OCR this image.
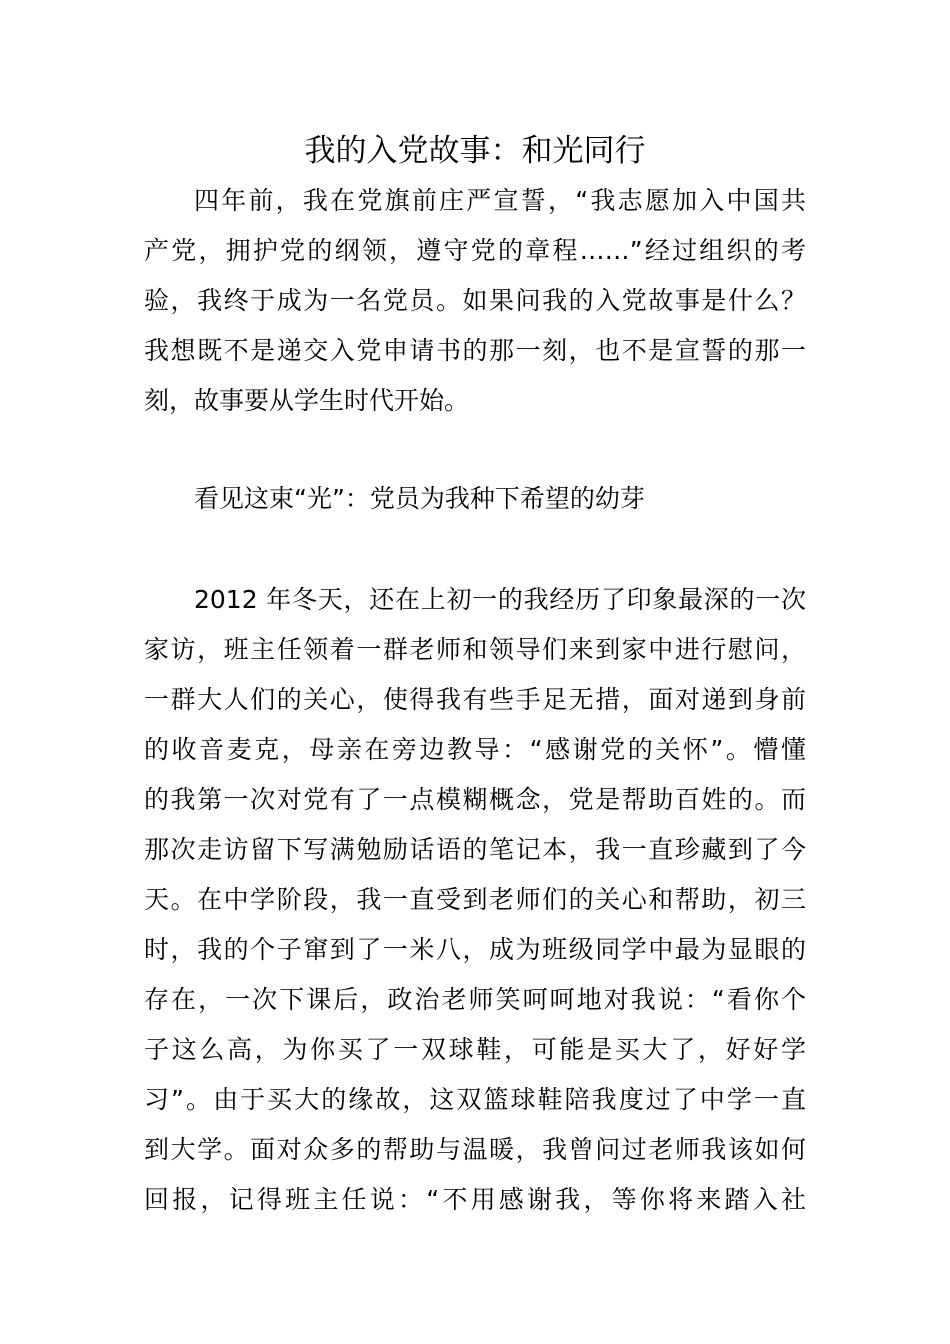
我的入党故事：和光同行

四年前，我在党旗前庄严宣誓，“我志愿加入中国共

产党，拥护党的纲领，遵守党的章程……”经过组织的考

验，我终于成为一名党员。如果问我的入党故事是什么？

我想既不是递交入党申请书的那一刻，也不是宣誓的那一

刻，故事要从学生时代开始。

看见这束“光”：党员为我种下希望的幼芽

2012 年冬天，还在上初一的我经历了印象最深的一次

家访，班主任领着一群老师和领导们来到家中进行慰问，

一群大人们的关心，使得我有些手足无措，面对递到身前

的收音麦克，母亲在旁边教导：“感谢党的关怀”。懵懂

的我第一次对党有了一点模糊概念，党是帮助百姓的。而

那次走访留下写满勉励话语的笔记本，我一直珍藏到了今

天。在中学阶段，我一直受到老师们的关心和帮助，初三

时，我的个子窜到了一米八，成为班级同学中最为显眼的

存在，一次下课后，政治老师笑呵呵地对我说：“看你个

子这么高，为你买了一双球鞋，可能是买大了，好好学

习”。由于买大的缘故，这双篮球鞋陪我度过了中学一直

到大学。面对众多的帮助与温暖，我曾问过老师我该如何

回报，记得班主任说：“不用感谢我，等你将来踏入社
